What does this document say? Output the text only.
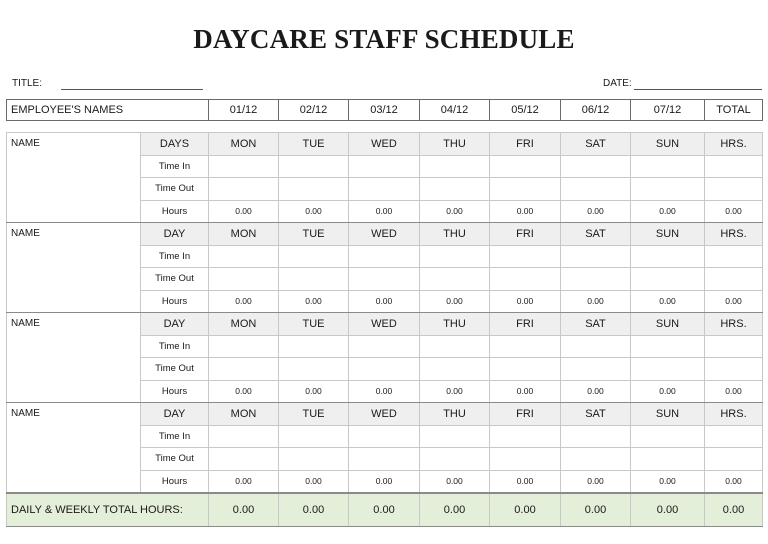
DAYCARE STAFF SCHEDULE
TITLE:	DATE:
EMPLOYEE'S NAMES	01/12	02/12	03/12	04/12	05/12	06/12	07/12	TOTAL
NAME	DAYS	MON	TUE	WED	THU	FRI	SAT	SUN	HRS.
	Time In								
	Time Out								
	Hours	0.00	0.00	0.00	0.00	0.00	0.00	0.00	0.00
NAME	DAY	MON	TUE	WED	THU	FRI	SAT	SUN	HRS.
	Time In								
	Time Out								
	Hours	0.00	0.00	0.00	0.00	0.00	0.00	0.00	0.00
NAME	DAY	MON	TUE	WED	THU	FRI	SAT	SUN	HRS.
	Time In								
	Time Out								
	Hours	0.00	0.00	0.00	0.00	0.00	0.00	0.00	0.00
NAME	DAY	MON	TUE	WED	THU	FRI	SAT	SUN	HRS.
	Time In								
	Time Out								
	Hours	0.00	0.00	0.00	0.00	0.00	0.00	0.00	0.00
DAILY & WEEKLY TOTAL HOURS:		0.00	0.00	0.00	0.00	0.00	0.00	0.00	0.00
